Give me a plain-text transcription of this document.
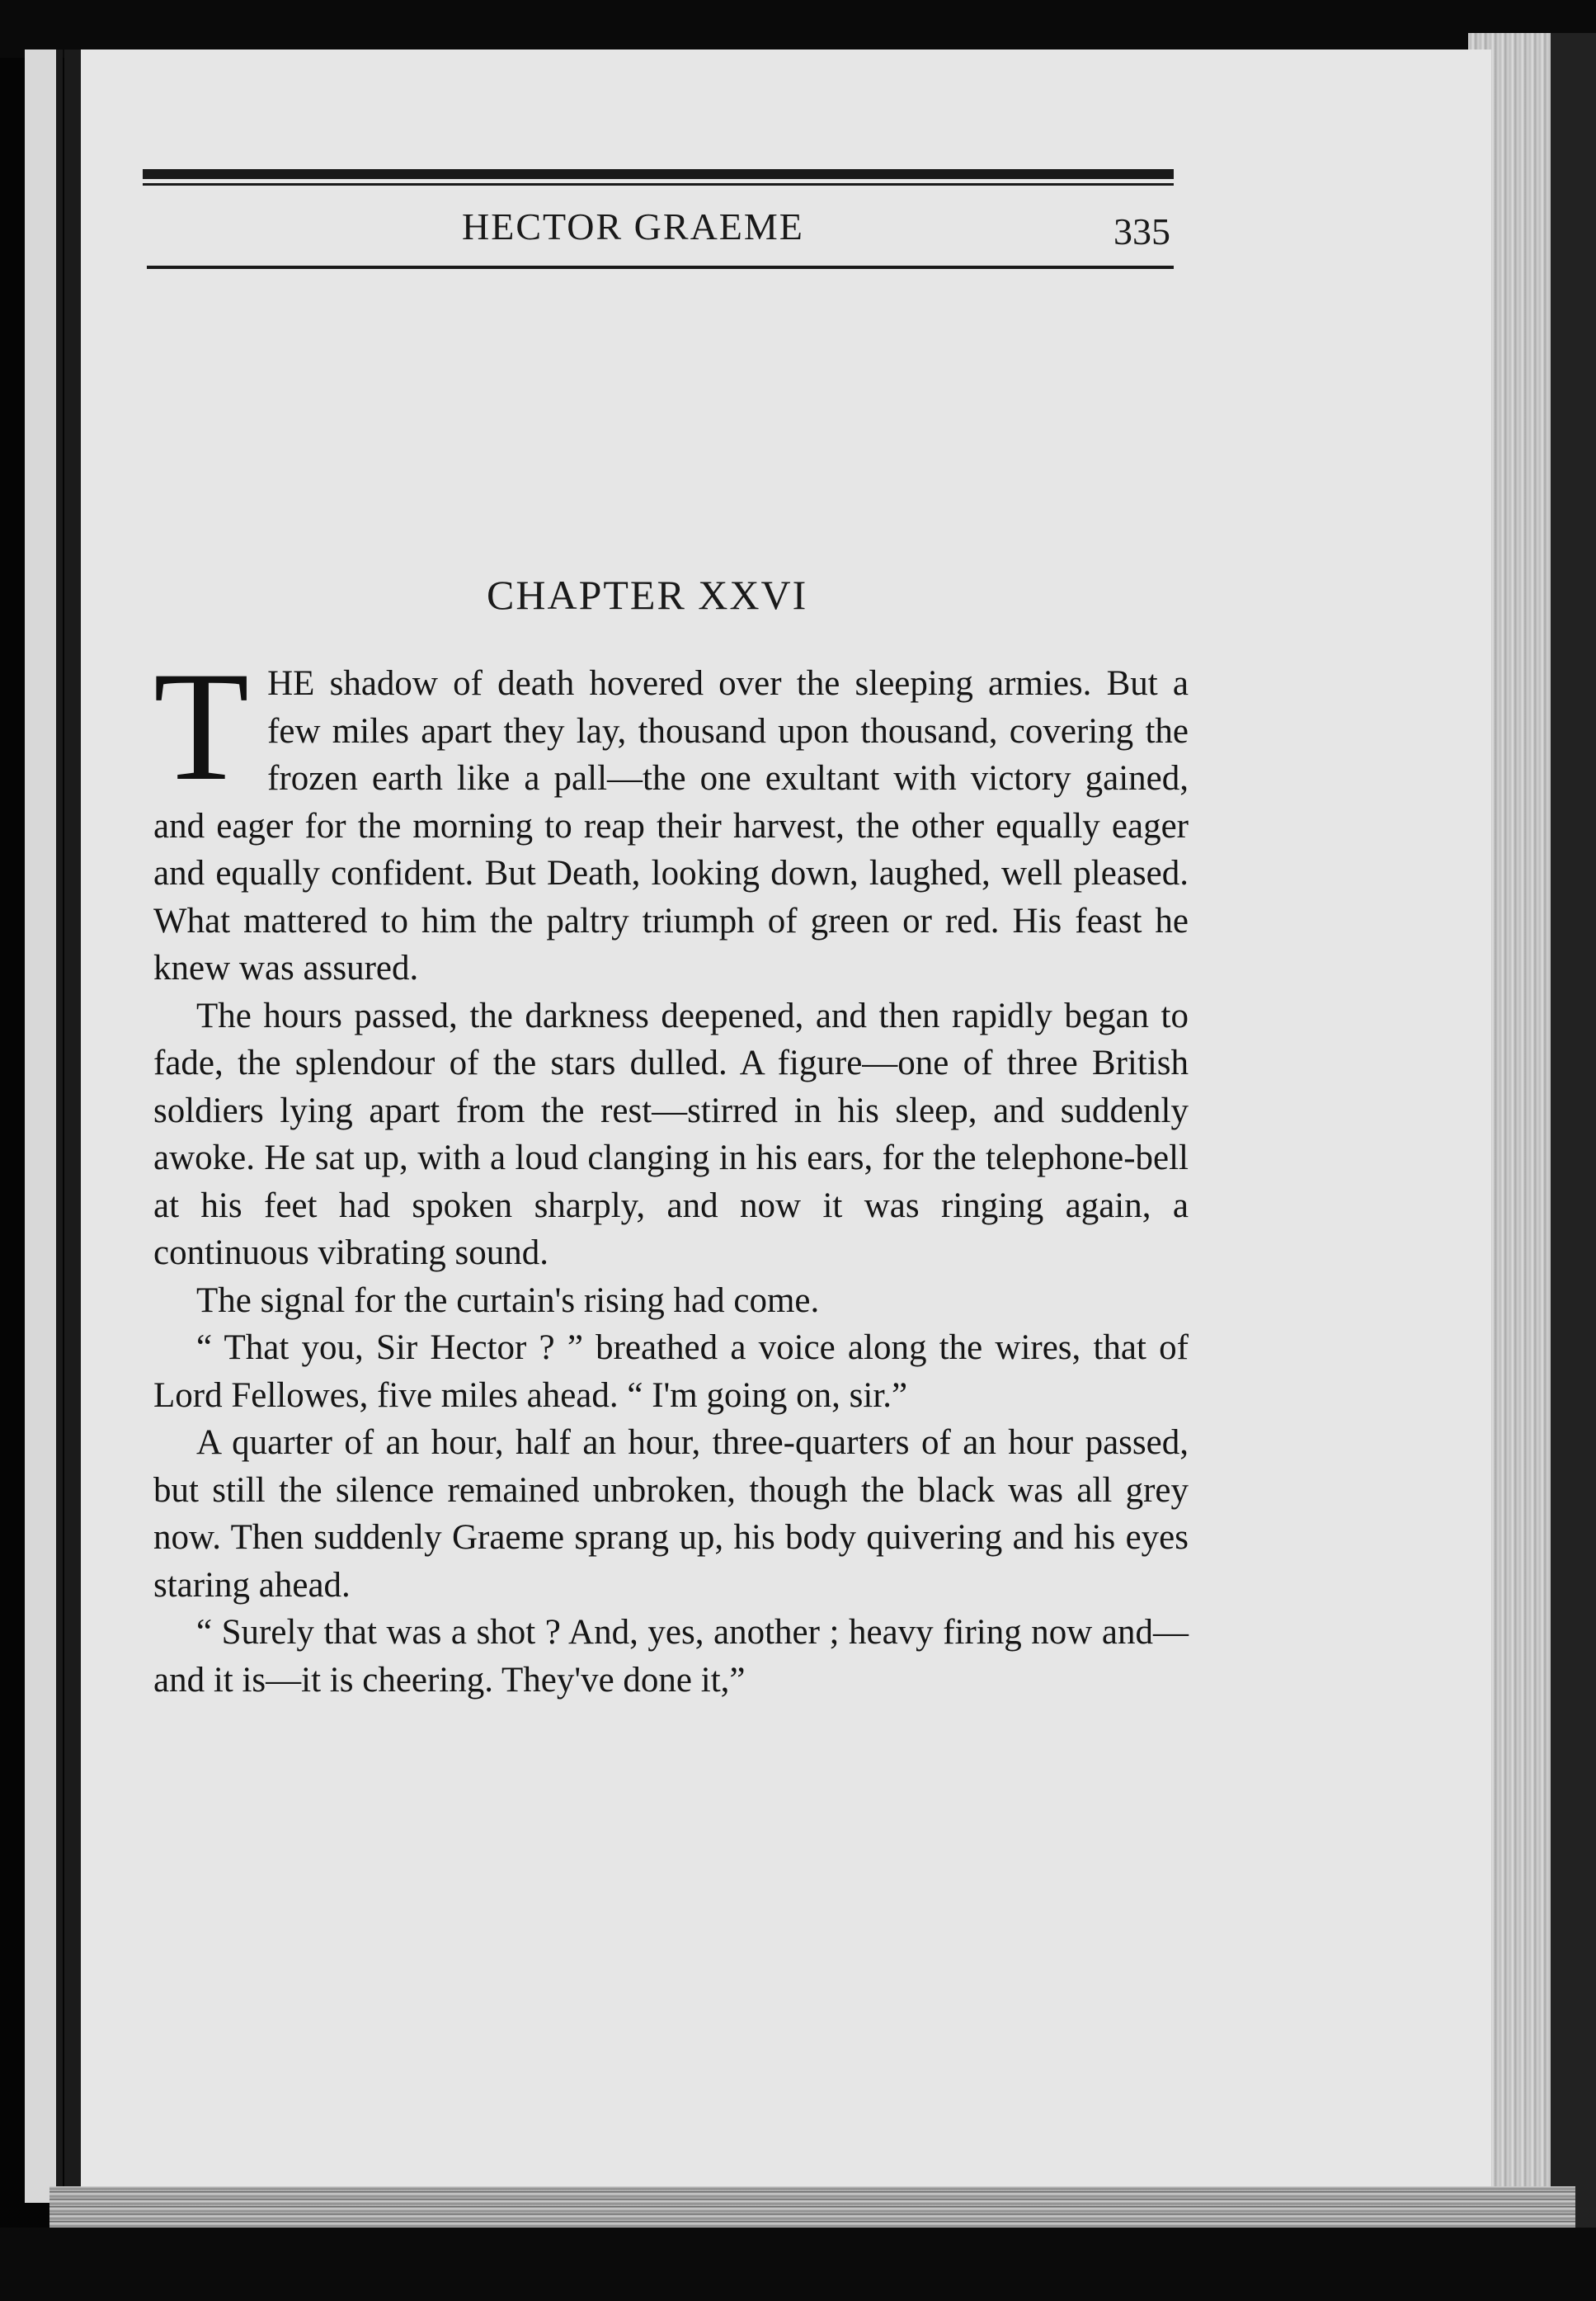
HECTOR GRAEME	335
CHAPTER XXVI

THE shadow of death hovered over the sleeping armies. But a few miles apart they lay, thousand upon thousand, covering the frozen earth like a pall—the one exultant with victory gained, and eager for the morning to reap their harvest, the other equally eager and equally confident. But Death, looking down, laughed, well pleased. What mattered to him the paltry triumph of green or red. His feast he knew was assured.

The hours passed, the darkness deepened, and then rapidly began to fade, the splendour of the stars dulled. A figure—one of three British soldiers lying apart from the rest—stirred in his sleep, and suddenly awoke. He sat up, with a loud clanging in his ears, for the telephone-bell at his feet had spoken sharply, and now it was ringing again, a continuous vibrating sound.

The signal for the curtain's rising had come.

“ That you, Sir Hector ? ” breathed a voice along the wires, that of Lord Fellowes, five miles ahead. “ I'm going on, sir.”

A quarter of an hour, half an hour, three-quarters of an hour passed, but still the silence remained unbroken, though the black was all grey now. Then suddenly Graeme sprang up, his body quivering and his eyes staring ahead.

“ Surely that was a shot ? And, yes, another ; heavy firing now and—and it is—it is cheering. They've done it,”
